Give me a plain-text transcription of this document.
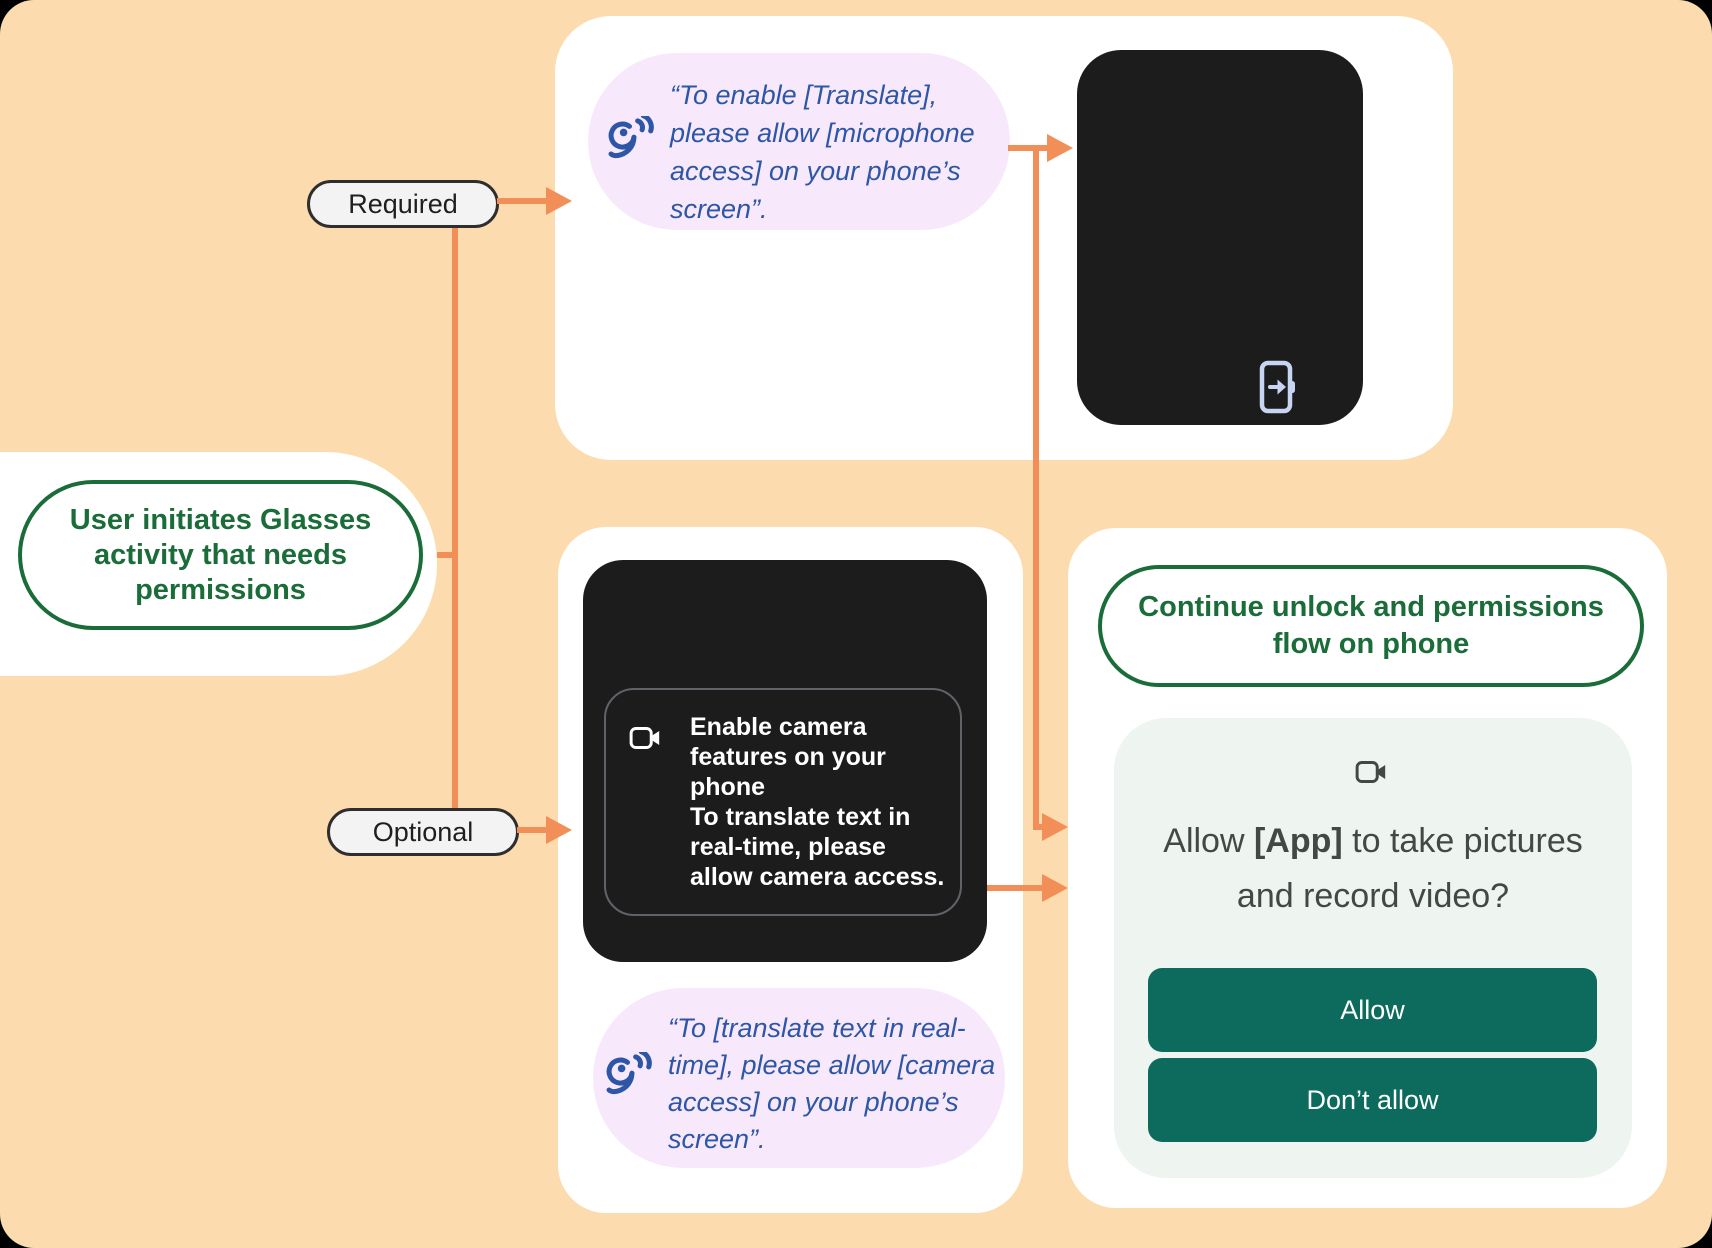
“To enable [Translate],
please allow [microphone
access] on your phone’s
screen”.
User initiates Glasses
activity that needs
permissions
Required
Optional
Enable camera
features on your
phone
To translate text in
real-time, please
allow camera access.
“To [translate text in real-
time], please allow [camera
access] on your phone’s
screen”.
Continue unlock and permissions
flow on phone
Allow [App] to take pictures
and record video?
Allow
Don’t allow
